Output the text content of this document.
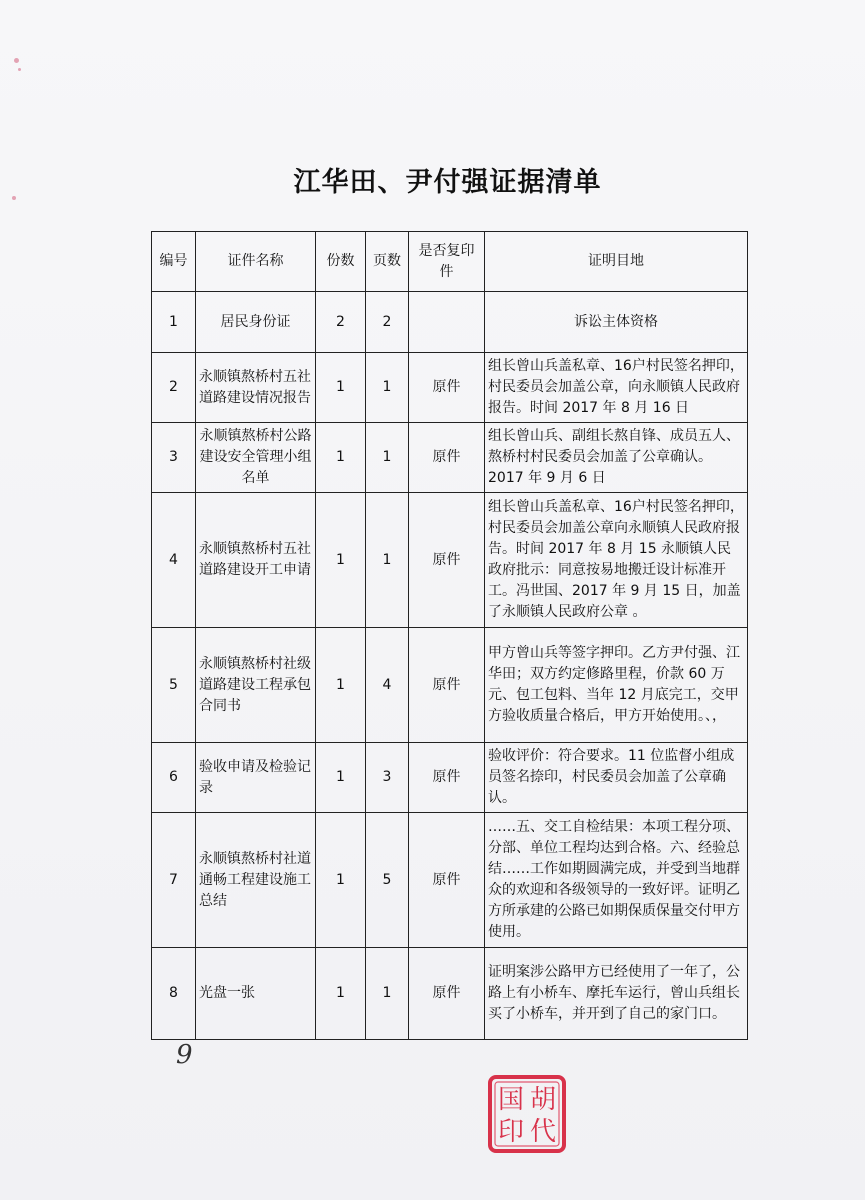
江华田、尹付强证据清单
编号	证件名称	份数	页数	是否复印件	证明目地
1	居民身份证	2	2		诉讼主体资格
2	永顺镇熬桥村五社道路建设情况报告	1	1	原件	组长曾山兵盖私章、16户村民签名押印，村民委员会加盖公章，向永顺镇人民政府报告。时间 2017 年 8 月 16 日
3	永顺镇熬桥村公路建设安全管理小组名单	1	1	原件	组长曾山兵、副组长熬自锋、成员五人、熬桥村村民委员会加盖了公章确认。2017 年 9 月 6 日
4	永顺镇熬桥村五社道路建设开工申请	1	1	原件	组长曾山兵盖私章、16户村民签名押印，村民委员会加盖公章向永顺镇人民政府报告。时间 2017 年 8 月 15 永顺镇人民政府批示：同意按易地搬迁设计标准开工。冯世国、2017 年 9 月 15 日，加盖了永顺镇人民政府公章 。
5	永顺镇熬桥村社级道路建设工程承包合同书	1	4	原件	甲方曾山兵等签字押印。乙方尹付强、江华田；双方约定修路里程，价款 60 万元、包工包料、当年 12 月底完工，交甲方验收质量合格后，甲方开始使用。、，
6	验收申请及检验记录	1	3	原件	验收评价：符合要求。11 位监督小组成员签名捺印，村民委员会加盖了公章确认。
7	永顺镇熬桥村社道通畅工程建设施工总结	1	5	原件	……五、交工自检结果：本项工程分项、分部、单位工程均达到合格。六、经验总结……工作如期圆满完成，并受到当地群众的欢迎和各级领导的一致好评。证明乙方所承建的公路已如期保质保量交付甲方使用。
8	光盘一张	1	1	原件	证明案涉公路甲方已经使用了一年了，公路上有小桥车、摩托车运行，曾山兵组长买了小桥车，并开到了自己的家门口。
9
胡
代
国
印
